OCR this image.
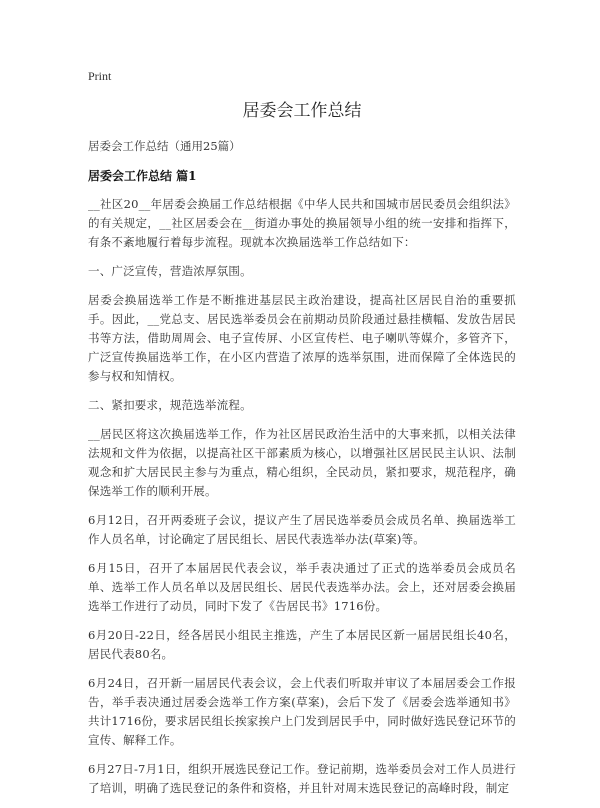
Print
居委会工作总结
居委会工作总结（通用25篇）
居委会工作总结 篇1

__社区20__年居委会换届工作总结根据《中华人民共和国城市居民委员会组织法》的有关规定，__社区居委会在__街道办事处的换届领导小组的统一安排和指挥下，有条不紊地履行着每步流程。现就本次换届选举工作总结如下：

一、广泛宣传，营造浓厚氛围。

居委会换届选举工作是不断推进基层民主政治建设，提高社区居民自治的重要抓手。因此，__党总支、居民选举委员会在前期动员阶段通过悬挂横幅、发放告居民书等方法，借助周周会、电子宣传屏、小区宣传栏、电子喇叭等媒介，多管齐下，广泛宣传换届选举工作，在小区内营造了浓厚的选举氛围，进而保障了全体选民的参与权和知情权。

二、紧扣要求，规范选举流程。

__居民区将这次换届选举工作，作为社区居民政治生活中的大事来抓，以相关法律法规和文件为依据，以提高社区干部素质为核心，以增强社区居民民主认识、法制观念和扩大居民民主参与为重点，精心组织，全民动员，紧扣要求，规范程序，确保选举工作的顺利开展。

6月12日，召开两委班子会议，提议产生了居民选举委员会成员名单、换届选举工作人员名单，讨论确定了居民组长、居民代表选举办法(草案)等。

6月15日，召开了本届居民代表会议，举手表决通过了正式的选举委员会成员名单、选举工作人员名单以及居民组长、居民代表选举办法。会上，还对居委会换届选举工作进行了动员，同时下发了《告居民书》1716份。

6月20日-22日，经各居民小组民主推选，产生了本居民区新一届居民组长40名，居民代表80名。

6月24日，召开新一届居民代表会议，会上代表们听取并审议了本届居委会工作报告，举手表决通过居委会选举工作方案(草案)，会后下发了《居委会选举通知书》共计1716份，要求居民组长挨家挨户上门发到居民手中，同时做好选民登记环节的宣传、解释工作。

6月27日-7月1日，组织开展选民登记工作。登记前期，选举委员会对工作人员进行了培训，明确了选民登记的条件和资格，并且针对周末选民登记的高峰时段，制定
